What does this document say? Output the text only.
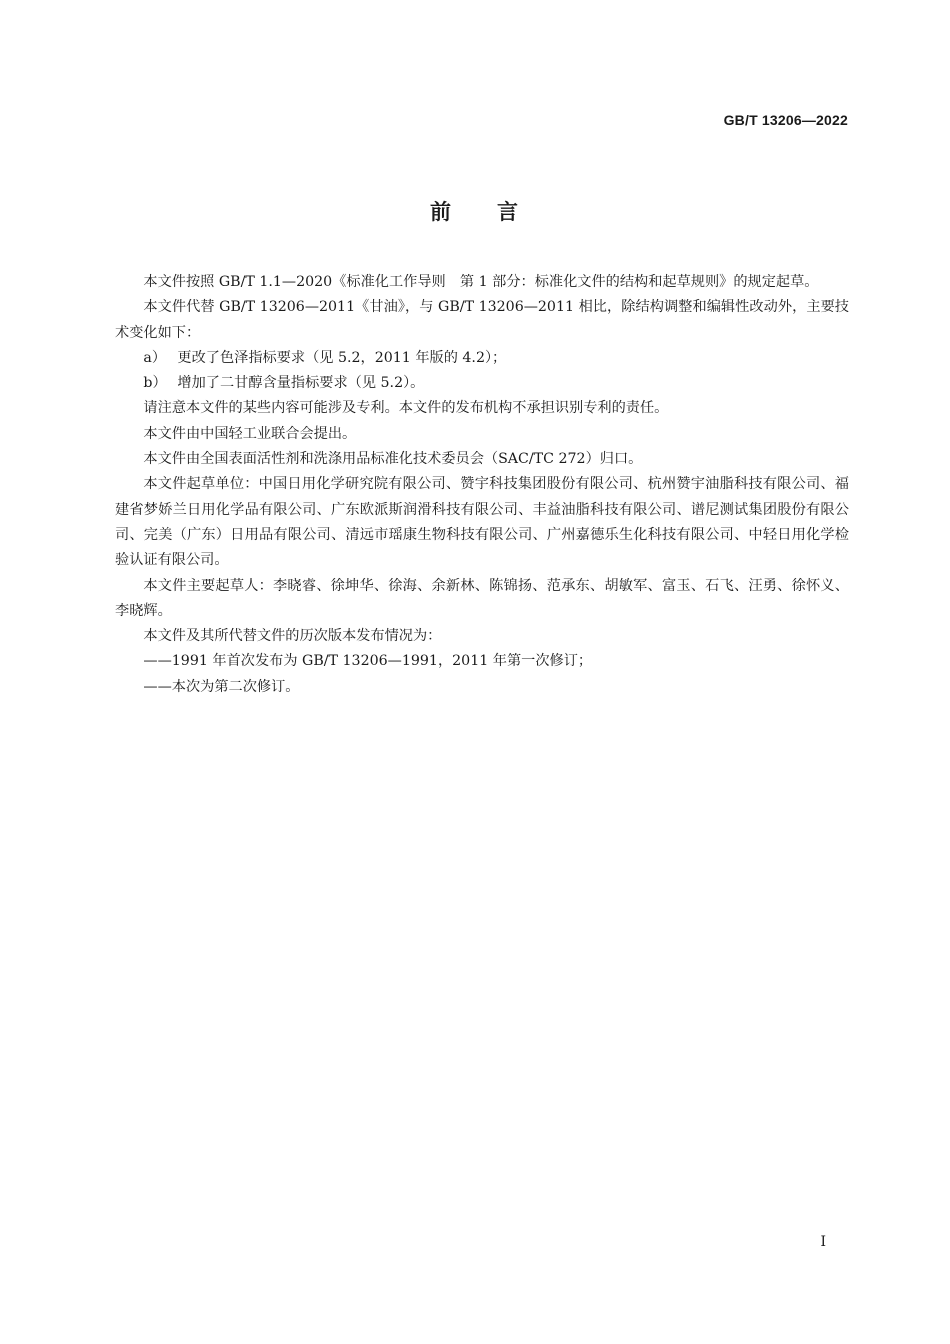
GB/T 13206—2022
前 言

本文件按照 GB/T 1.1—2020《标准化工作导则　第 1 部分：标准化文件的结构和起草规则》的规定起草。

本文件代替 GB/T 13206—2011《甘油》，与 GB/T 13206—2011 相比，除结构调整和编辑性改动外，主要技术变化如下：

a） 更改了色泽指标要求（见 5.2，2011 年版的 4.2）；

b） 增加了二甘醇含量指标要求（见 5.2）。

请注意本文件的某些内容可能涉及专利。本文件的发布机构不承担识别专利的责任。

本文件由中国轻工业联合会提出。

本文件由全国表面活性剂和洗涤用品标准化技术委员会（SAC/TC 272）归口。

本文件起草单位：中国日用化学研究院有限公司、赞宇科技集团股份有限公司、杭州赞宇油脂科技有限公司、福建省梦娇兰日用化学品有限公司、广东欧派斯润滑科技有限公司、丰益油脂科技有限公司、谱尼测试集团股份有限公司、完美（广东）日用品有限公司、清远市瑶康生物科技有限公司、广州嘉德乐生化科技有限公司、中轻日用化学检验认证有限公司。

本文件主要起草人：李晓睿、徐坤华、徐海、余新林、陈锦扬、范承东、胡敏军、富玉、石飞、汪勇、徐怀义、李晓辉。

本文件及其所代替文件的历次版本发布情况为：

——1991 年首次发布为 GB/T 13206—1991，2011 年第一次修订；

——本次为第二次修订。

I
